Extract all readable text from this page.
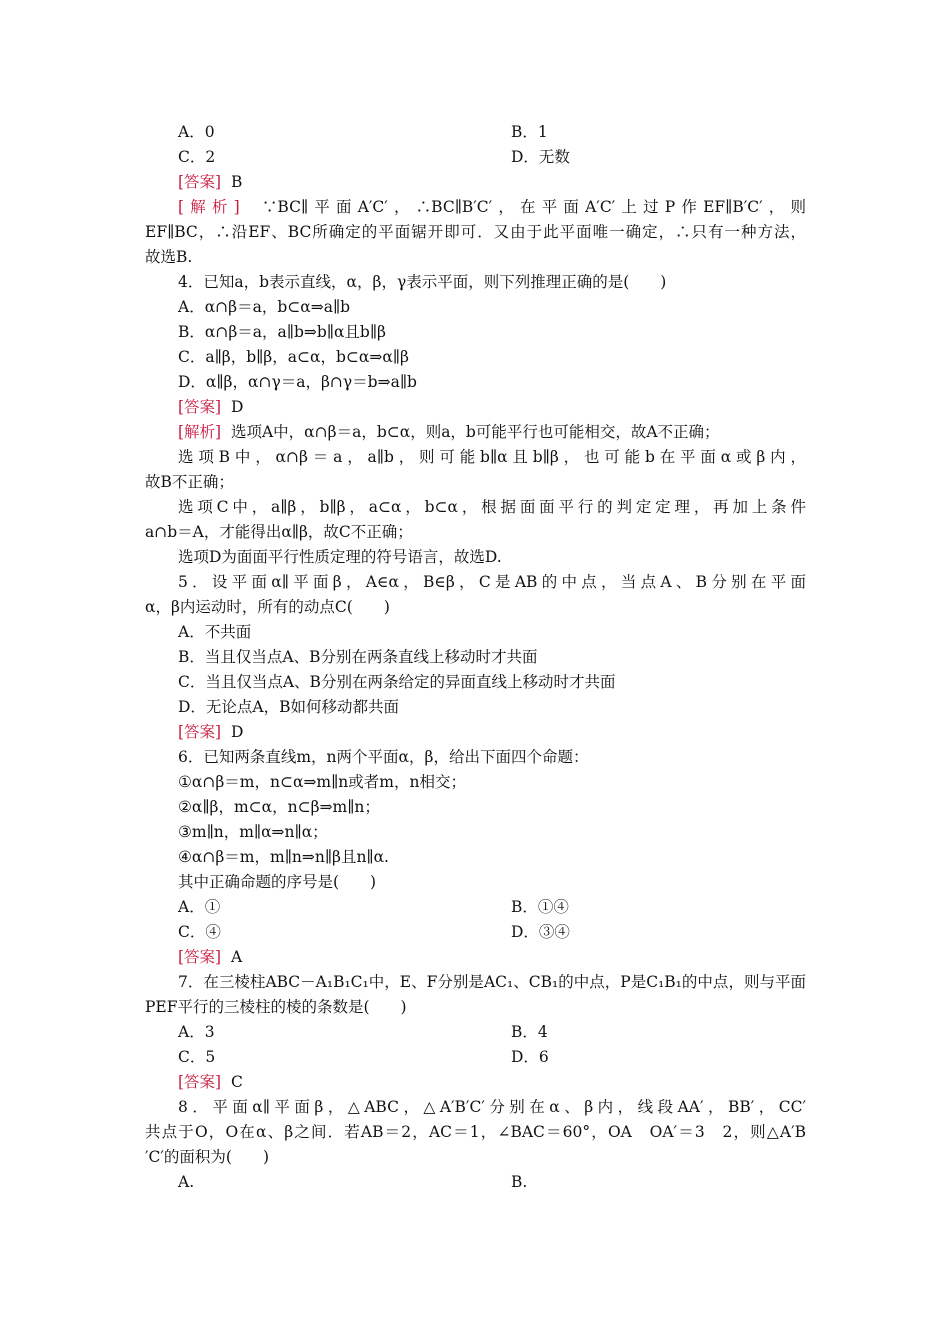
A．0	B．1
C．2	D．无数
[答案] B
[解析] ∵BC∥平面A′C′，∴BC∥B′C′，在平面A′C′上过P作EF∥B′C′，则
EF∥BC，∴沿EF、BC所确定的平面锯开即可．又由于此平面唯一确定，∴只有一种方法，
故选B.
4．已知a，b表示直线，α，β，γ表示平面，则下列推理正确的是(　　)
A．α∩β＝a，b⊂α⇒a∥b
B．α∩β＝a，a∥b⇒b∥α且b∥β
C．a∥β，b∥β，a⊂α，b⊂α⇒α∥β
D．α∥β，α∩γ＝a，β∩γ＝b⇒a∥b
[答案] D
[解析] 选项A中，α∩β＝a，b⊂α，则a，b可能平行也可能相交，故A不正确；
选项B中，α∩β＝a，a∥b，则可能b∥α且b∥β，也可能b在平面α或β内，
故B不正确；
选项C中，a∥β，b∥β，a⊂α，b⊂α，根据面面平行的判定定理，再加上条件
a∩b＝A，才能得出α∥β，故C不正确；
选项D为面面平行性质定理的符号语言，故选D.
5．设平面α∥平面β，A∈α，B∈β，C是AB的中点，当点A、B分别在平面
α，β内运动时，所有的动点C(　　)
A．不共面
B．当且仅当点A、B分别在两条直线上移动时才共面
C．当且仅当点A、B分别在两条给定的异面直线上移动时才共面
D．无论点A，B如何移动都共面
[答案] D
6．已知两条直线m，n两个平面α，β，给出下面四个命题：
①α∩β＝m，n⊂α⇒m∥n或者m，n相交；
②α∥β，m⊂α，n⊂β⇒m∥n；
③m∥n，m∥α⇒n∥α；
④α∩β＝m，m∥n⇒n∥β且n∥α.
其中正确命题的序号是(　　)
A．①	B．①④
C．④	D．③④
[答案] A
7．在三棱柱ABC－A₁B₁C₁中，E、F分别是AC₁、CB₁的中点，P是C₁B₁的中点，则与平面
PEF平行的三棱柱的棱的条数是(　　)
A．3	B．4
C．5	D．6
[答案] C
8．平面α∥平面β，△ABC，△A′B′C′分别在α、β内，线段AA′，BB′，CC′
共点于O，O在α、β之间．若AB＝2，AC＝1，∠BAC＝60°，OA　OA′＝3　2，则△A′B
′C′的面积为(　　)
A.	B.
